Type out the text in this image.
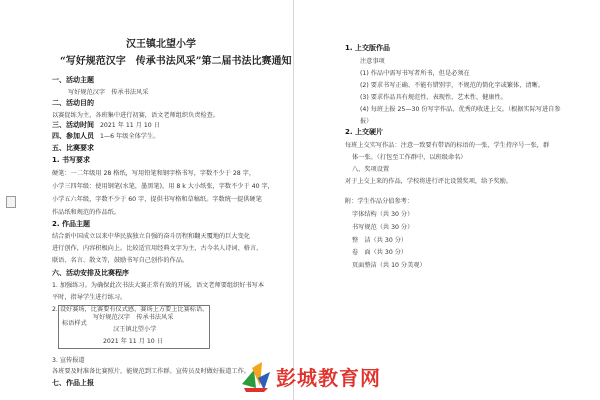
汉王镇北望小学
“写好规范汉字　传承书法风采”第二届书法比赛通知
一、活动主题
写好规范汉字　传承书法风采
二、活动目的
以赛促练为主，各班集中进行初赛，语文老师组织负责检查。
三、活动时间 2021 年 11 月 10 日
四、参加人员 1—6 年级全体学生。
五、比赛要求
1. 书写要求
硬笔：一二年级用 28 格纸，写用铅笔和钢字格书写，字数不少于 28 字，
小学三四年级：使用钢笔(水笔，墨黑笔)，用 8 k 大小纸张，字数不少于 40 字，
小学五六年级，字数不少于 60 字，提供书写格和草稿纸。字数统一提供硬笔
作品纸和规范的作品纸。
2. 作品主题
结合新中国成立以来中华民族独立自强的奋斗历程和翻天覆地的巨大变化
进行创作，内容积极向上。比较适宜用经典文字为主，古今名人诗词、格言、
联语、名言、散文等，鼓励书写自己创作的作品。
六、活动安排及比赛程序
1. 加强练习。为确保此次书法大赛正常有效的开展，语文老师要组织好书写本
平时，指导学生进行练习。
2. 设好赛场，比赛要有仪式感，赛场上方要上比赛标语。
标语样式
3. 宣传报道
各班要及时准备比赛照片，能规范到工作群。宣传员及时做好报道工作。
七、作品上报
写好规范汉字　传承书法风采
汉王镇北望小学
2021 年 11 月 10 日
1. 上交版作品
注意事项
(1) 作品中需写书写者所书，但是必须在
(2) 要求书写正确、不能有错别字，不规范的简化字或繁体，清晰。
(3) 要求作品具有规范性、表现性、艺术性、健康性。
(4) 每班上报 25—30 份写字作品，优秀的收进上交。（根据实际写进自参
报）
2. 上交硬片
每班上交实写作品：注意一致要有带语的标语的一张，学生持序号一张，群
体一张。（打包至工作群中，以班级命名）
八、奖项设置
对于上交上来的作品，学校将进行评比设置奖项，给予奖励。
附：学生作品分值参考：
字体结构（共 30 分）
书写规范（共 30 分）
整　洁（共 30 分）
卷　面（共 30 分）
页面整洁（共 10 分美观）
彭城教育网
